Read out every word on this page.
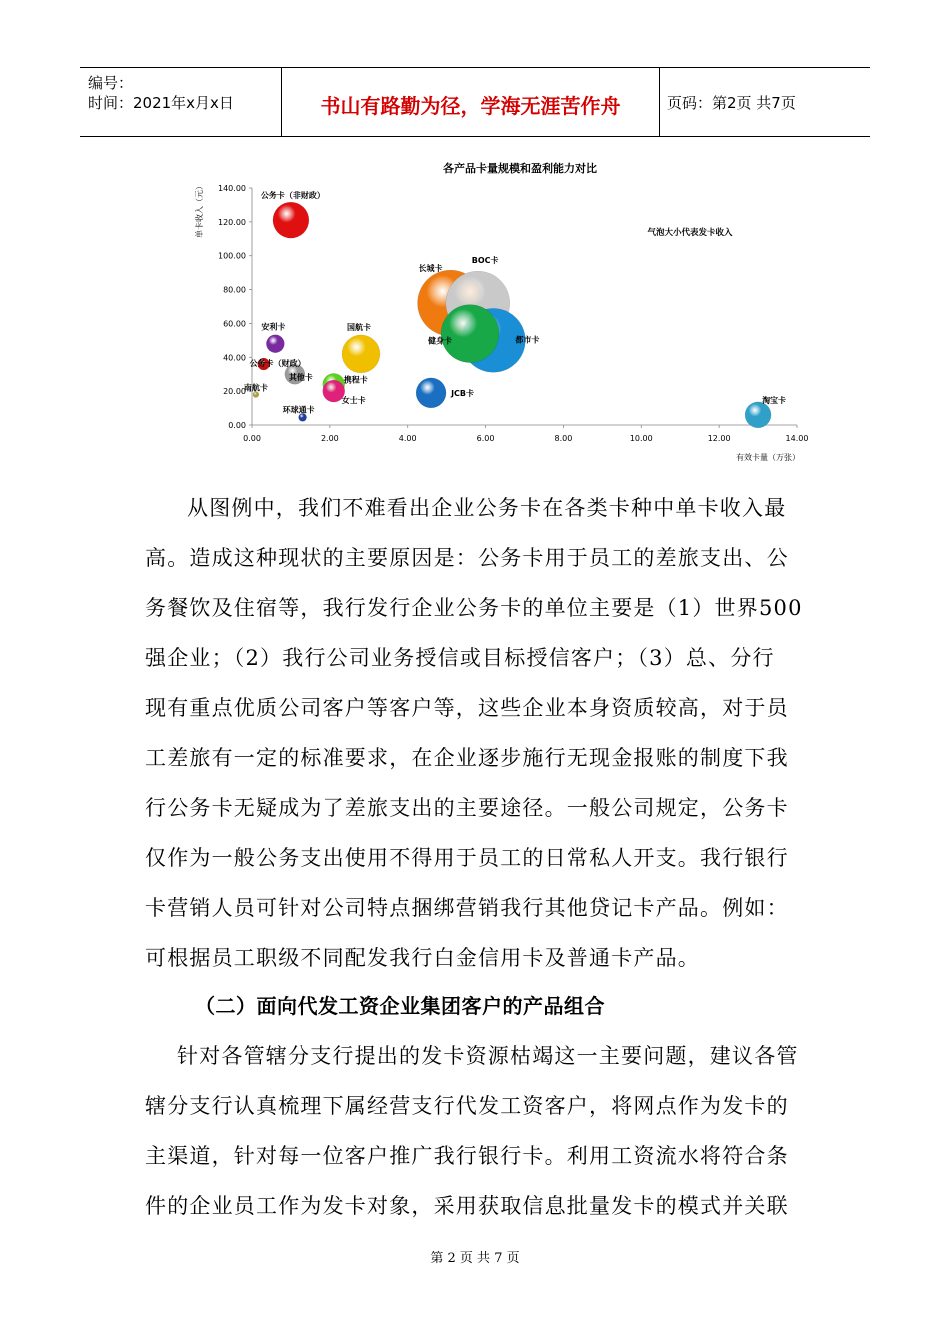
编号：
时间：2021年x月x日	书山有路勤为径，学海无涯苦作舟	页码：第2页 共7页
各产品卡量规模和盈利能力对比
气泡大小代表发卡收入
单卡收入（元）
有效卡量（万张）
0.00
20.00
40.00
60.00
80.00
100.00
120.00
140.00
0.00	2.00	4.00	6.00	8.00	10.00	12.00	14.00
公务卡（非财政）
长城卡
BOC卡
都市卡
健身卡
安利卡	国航卡
公务卡（财政）
其他卡	携程卡
女士卡
南航卡
环球通卡
JCB卡
淘宝卡
从图例中，我们不难看出企业公务卡在各类卡种中单卡收入最
高。造成这种现状的主要原因是：公务卡用于员工的差旅支出、公
务餐饮及住宿等，我行发行企业公务卡的单位主要是（1）世界500
强企业；（2）我行公司业务授信或目标授信客户；（3）总、分行
现有重点优质公司客户等客户等，这些企业本身资质较高，对于员
工差旅有一定的标准要求，在企业逐步施行无现金报账的制度下我
行公务卡无疑成为了差旅支出的主要途径。一般公司规定，公务卡
仅作为一般公务支出使用不得用于员工的日常私人开支。我行银行
卡营销人员可针对公司特点捆绑营销我行其他贷记卡产品。例如：
可根据员工职级不同配发我行白金信用卡及普通卡产品。
（二）面向代发工资企业集团客户的产品组合
针对各管辖分支行提出的发卡资源枯竭这一主要问题，建议各管
辖分支行认真梳理下属经营支行代发工资客户，将网点作为发卡的
主渠道，针对每一位客户推广我行银行卡。利用工资流水将符合条
件的企业员工作为发卡对象，采用获取信息批量发卡的模式并关联
第 2 页 共 7 页
